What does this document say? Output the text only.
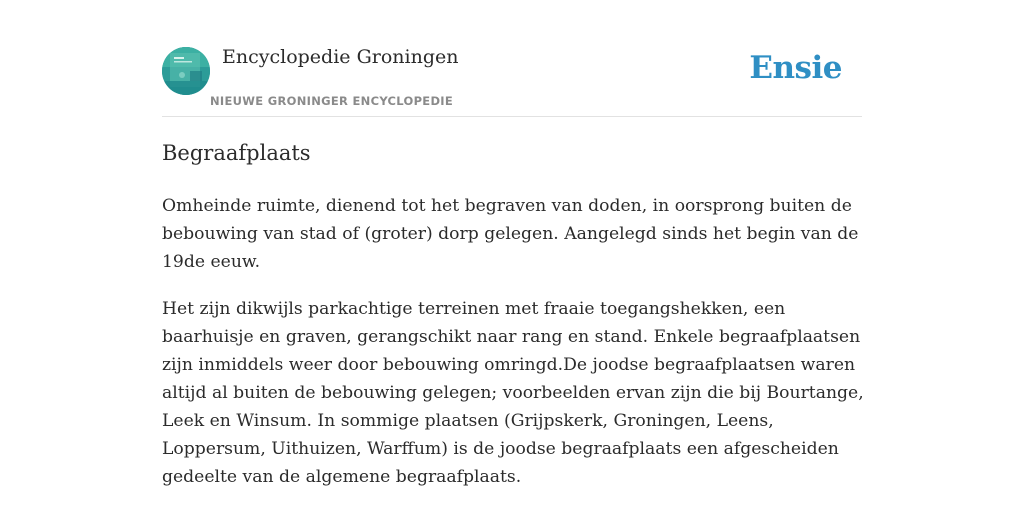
Encyclopedie Groningen
NIEUWE GRONINGER ENCYCLOPEDIE
Ensie
Begraafplaats

Omheinde ruimte, dienend tot het begraven van doden, in oorsprong buiten de bebouwing van stad of (groter) dorp gelegen. Aangelegd sinds het begin van de 19de eeuw.

Het zijn dikwijls parkachtige terreinen met fraaie toegangshekken, een baarhuisje en graven, gerangschikt naar rang en stand. Enkele begraafplaatsen zijn inmiddels weer door bebouwing omringd.De joodse begraafplaatsen waren altijd al buiten de bebouwing gelegen; voorbeelden ervan zijn die bij Bourtange, Leek en Winsum. In sommige plaatsen (Grijpskerk, Groningen, Leens, Loppersum, Uithuizen, Warffum) is de joodse begraafplaats een afgescheiden gedeelte van de algemene begraafplaats.
